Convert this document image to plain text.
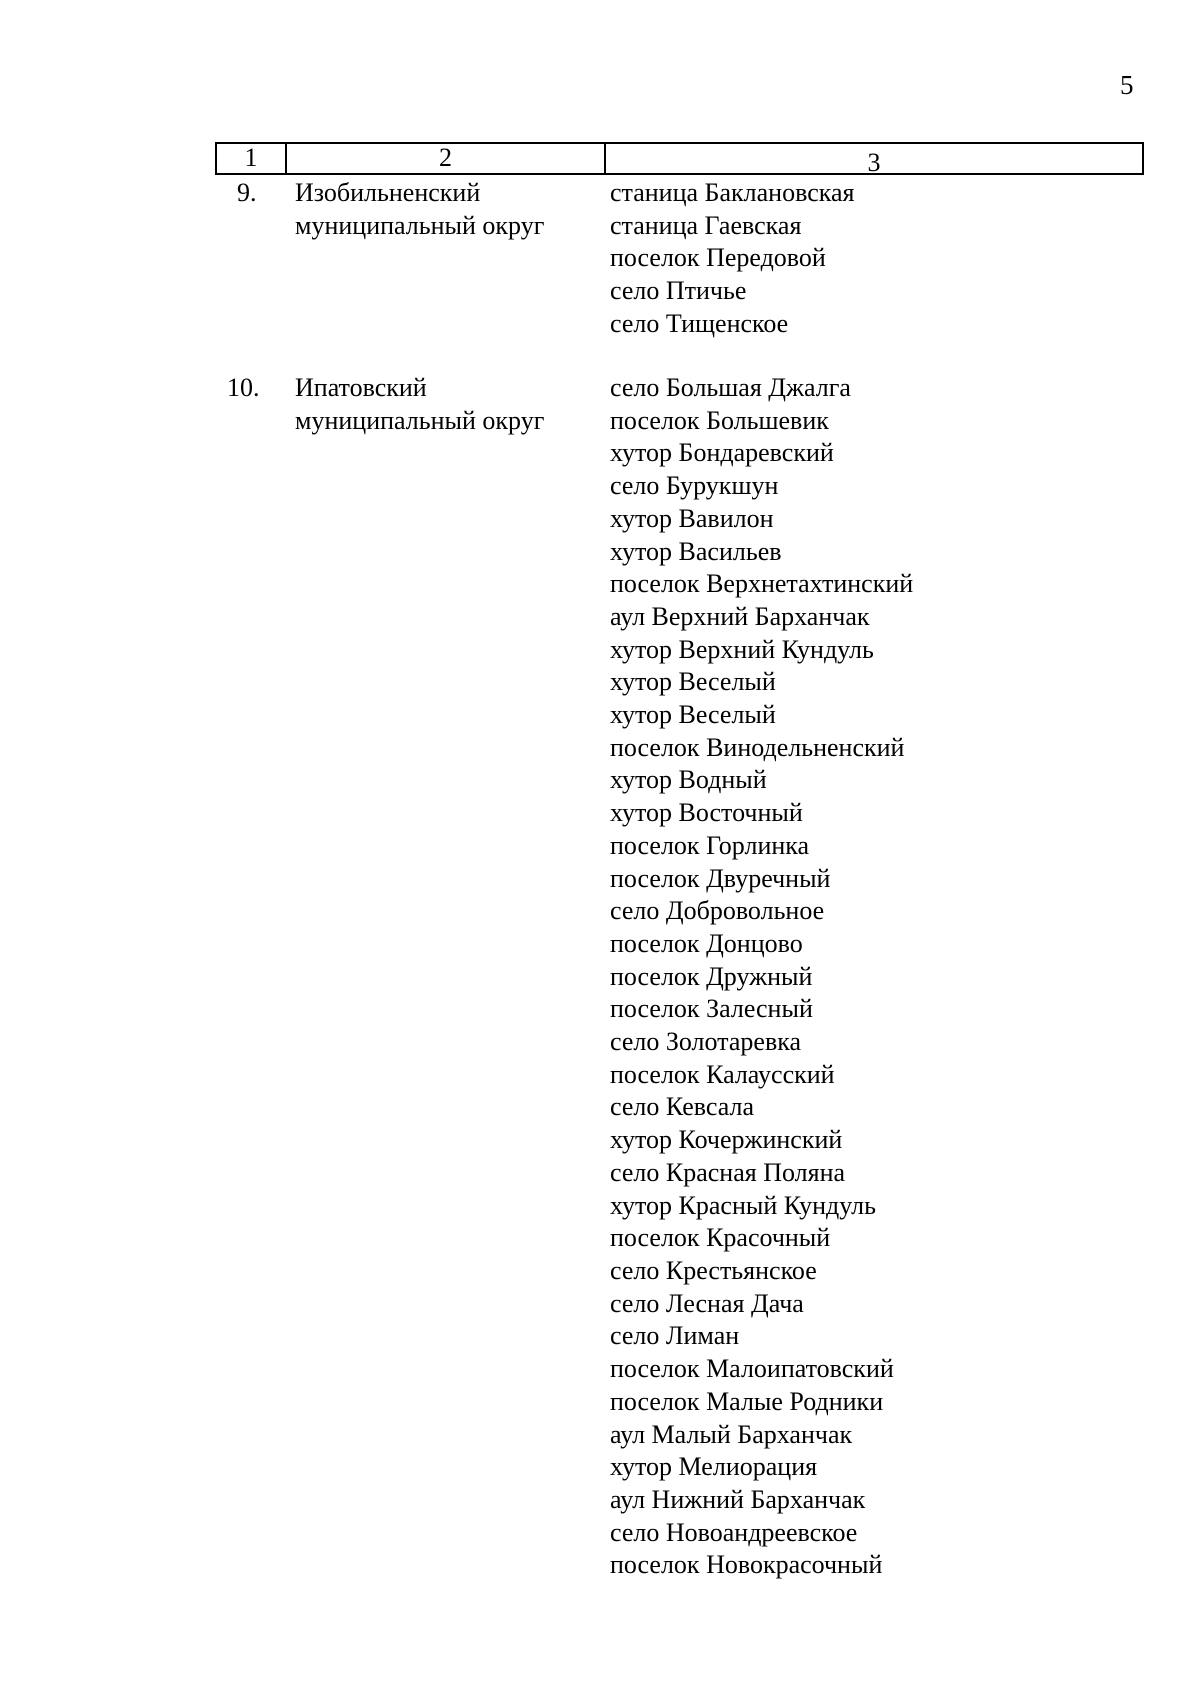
5
1	2	3
9. Изобильненский
муниципальный округ
станица Баклановская
станица Гаевская
поселок Передовой
село Птичье
село Тищенское
10. Ипатовский
муниципальный округ
село Большая Джалга
поселок Большевик
хутор Бондаревский
село Бурукшун
хутор Вавилон
хутор Васильев
поселок Верхнетахтинский
аул Верхний Барханчак
хутор Верхний Кундуль
хутор Веселый
хутор Веселый
поселок Винодельненский
хутор Водный
хутор Восточный
поселок Горлинка
поселок Двуречный
село Добровольное
поселок Донцово
поселок Дружный
поселок Залесный
село Золотаревка
поселок Калаусский
село Кевсала
хутор Кочержинский
село Красная Поляна
хутор Красный Кундуль
поселок Красочный
село Крестьянское
село Лесная Дача
село Лиман
поселок Малоипатовский
поселок Малые Родники
аул Малый Барханчак
хутор Мелиорация
аул Нижний Барханчак
село Новоандреевское
поселок Новокрасочный
